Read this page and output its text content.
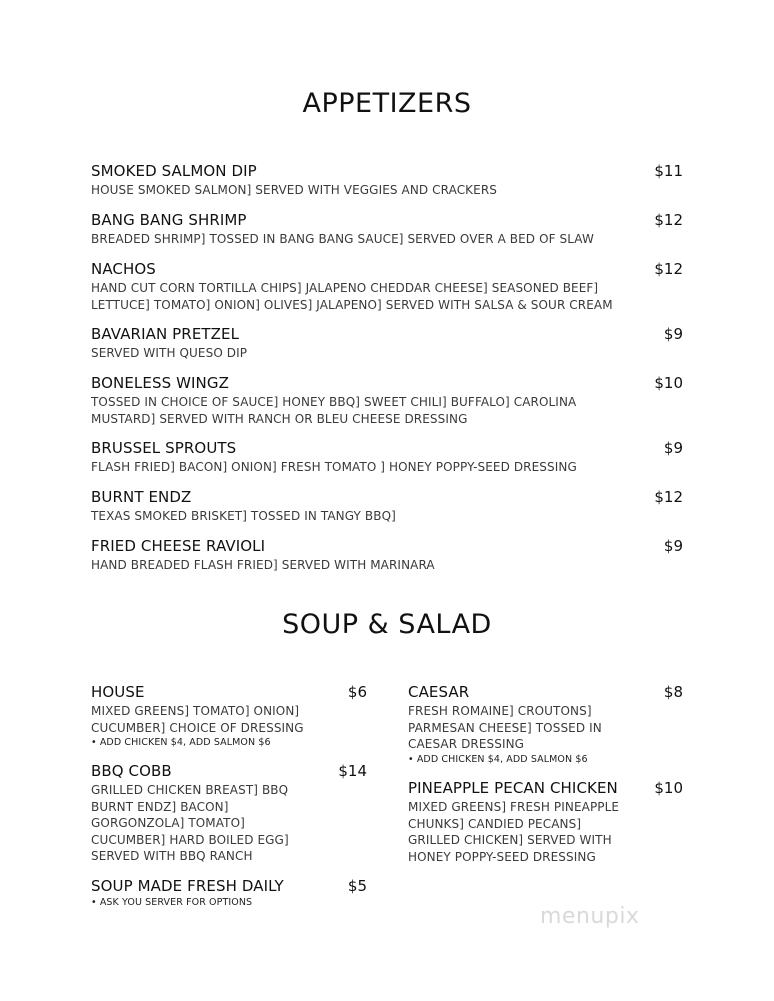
APPETIZERS
SMOKED SALMON DIP	$11
HOUSE SMOKED SALMON] SERVED WITH VEGGIES AND CRACKERS
BANG BANG SHRIMP	$12
BREADED SHRIMP] TOSSED IN BANG BANG SAUCE] SERVED OVER A BED OF SLAW
NACHOS	$12
HAND CUT CORN TORTILLA CHIPS] JALAPENO CHEDDAR CHEESE] SEASONED BEEF]
LETTUCE] TOMATO] ONION] OLIVES] JALAPENO] SERVED WITH SALSA & SOUR CREAM
BAVARIAN PRETZEL	$9
SERVED WITH QUESO DIP
BONELESS WINGZ	$10
TOSSED IN CHOICE OF SAUCE] HONEY BBQ] SWEET CHILI] BUFFALO] CAROLINA
MUSTARD] SERVED WITH RANCH OR BLEU CHEESE DRESSING
BRUSSEL SPROUTS	$9
FLASH FRIED] BACON] ONION] FRESH TOMATO ] HONEY POPPY-SEED DRESSING
BURNT ENDZ	$12
TEXAS SMOKED BRISKET] TOSSED IN TANGY BBQ]
FRIED CHEESE RAVIOLI	$9
HAND BREADED FLASH FRIED] SERVED WITH MARINARA
SOUP & SALAD
HOUSE	$6
MIXED GREENS] TOMATO] ONION]
CUCUMBER] CHOICE OF DRESSING
• ADD CHICKEN $4, ADD SALMON $6
BBQ COBB	$14
GRILLED CHICKEN BREAST] BBQ
BURNT ENDZ] BACON]
GORGONZOLA] TOMATO]
CUCUMBER] HARD BOILED EGG]
SERVED WITH BBQ RANCH
SOUP MADE FRESH DAILY	$5
• ASK YOU SERVER FOR OPTIONS
CAESAR	$8
FRESH ROMAINE] CROUTONS]
PARMESAN CHEESE] TOSSED IN
CAESAR DRESSING
• ADD CHICKEN $4, ADD SALMON $6
PINEAPPLE PECAN CHICKEN	$10
MIXED GREENS] FRESH PINEAPPLE
CHUNKS] CANDIED PECANS]
GRILLED CHICKEN] SERVED WITH
HONEY POPPY-SEED DRESSING
menupix
